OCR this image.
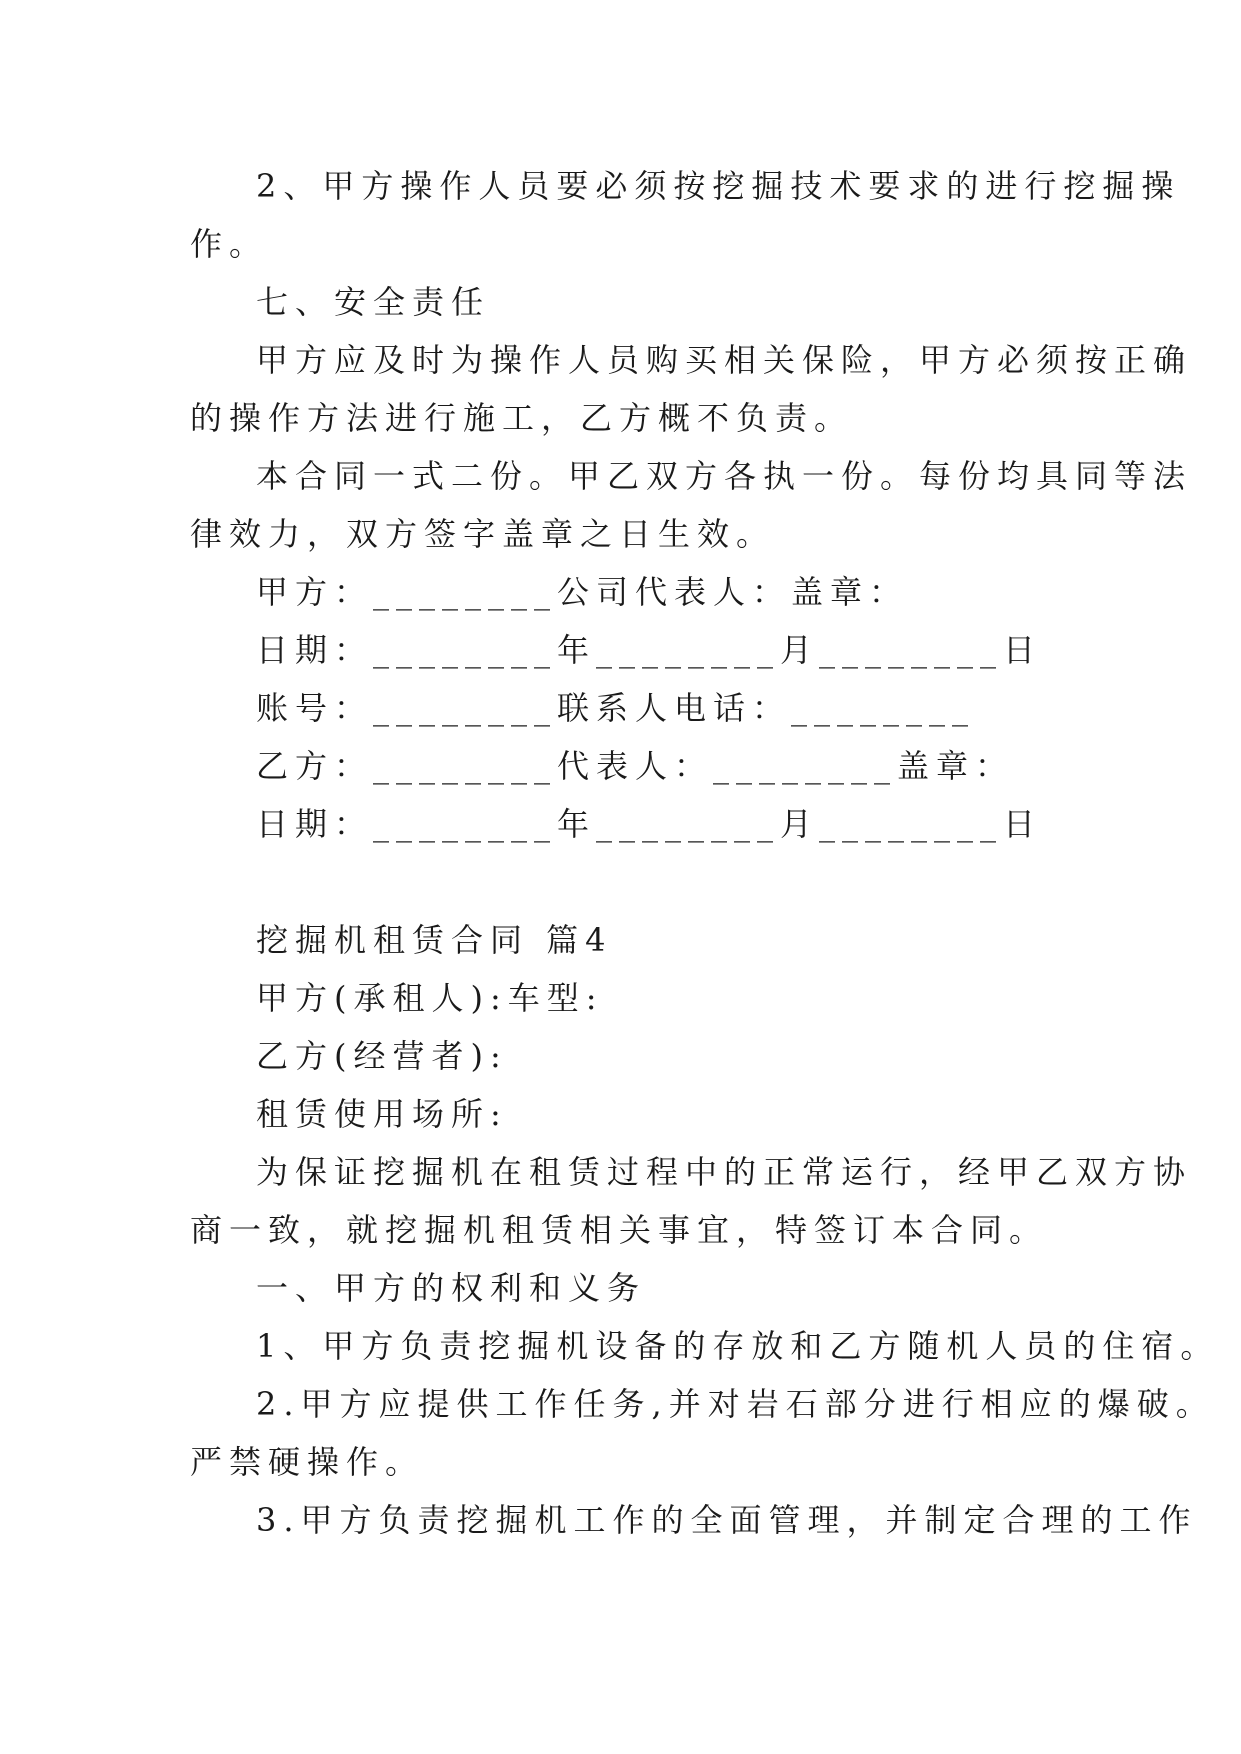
2、甲方操作人员要必须按挖掘技术要求的进行挖掘操
作。
七、安全责任
甲方应及时为操作人员购买相关保险，甲方必须按正确
的操作方法进行施工，乙方概不负责。
本合同一式二份。甲乙双方各执一份。每份均具同等法
律效力，双方签字盖章之日生效。
甲方：________公司代表人：盖章：
日期：________年________月________日
账号：________联系人电话：________
乙方：________代表人：________盖章：
日期：________年________月________日
挖掘机租赁合同 篇4
甲方(承租人):车型:
乙方(经营者):
租赁使用场所:
为保证挖掘机在租赁过程中的正常运行，经甲乙双方协
商一致，就挖掘机租赁相关事宜，特签订本合同。
一、甲方的权利和义务
1、甲方负责挖掘机设备的存放和乙方随机人员的住宿。
2.甲方应提供工作任务,并对岩石部分进行相应的爆破。
严禁硬操作。
3.甲方负责挖掘机工作的全面管理，并制定合理的工作
